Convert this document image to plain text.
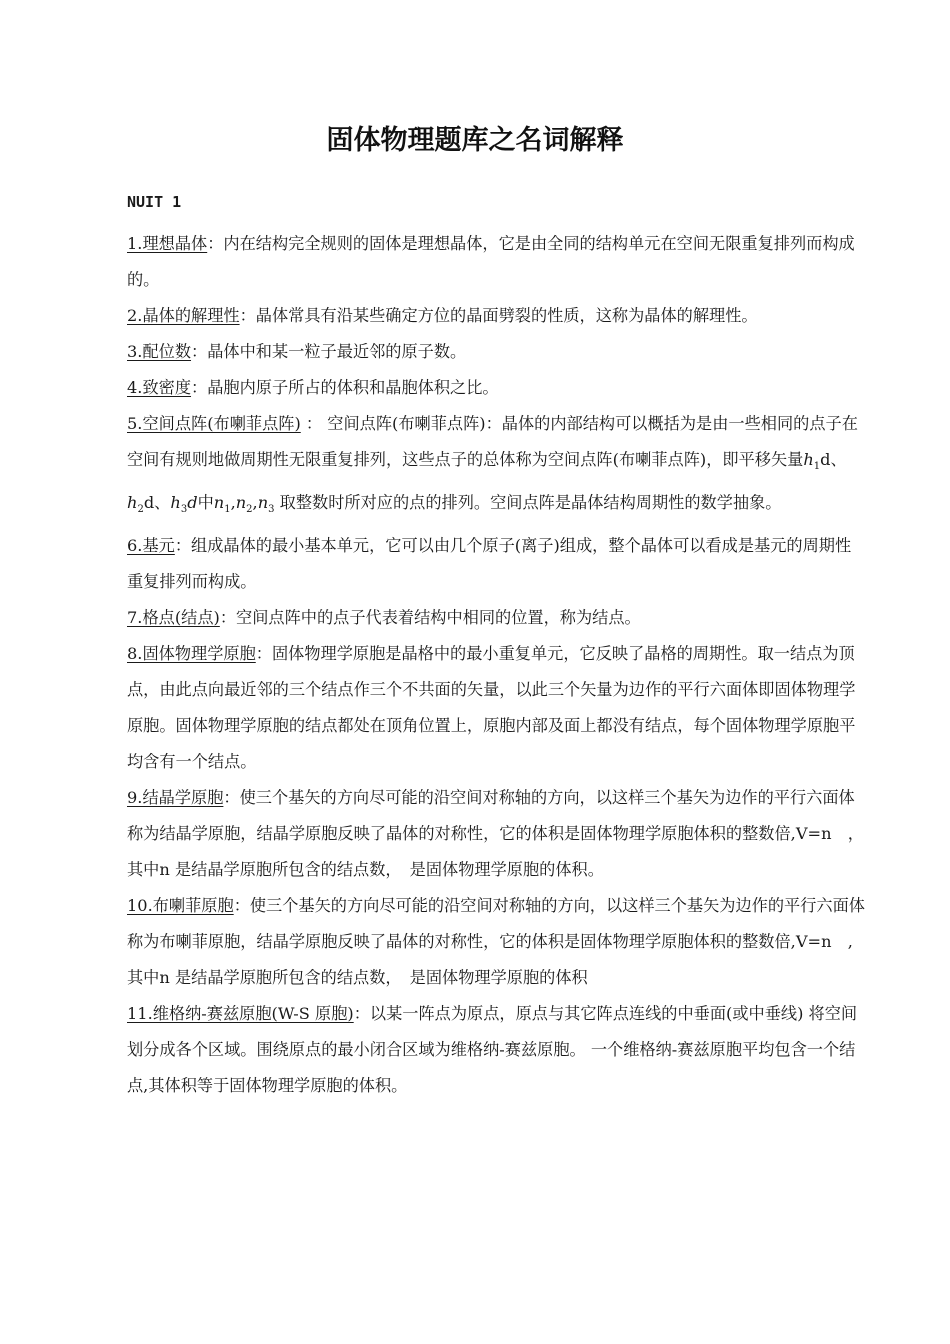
固体物理题库之名词解释
NUIT 1

1.理想晶体：内在结构完全规则的固体是理想晶体，它是由全同的结构单元在空间无限重复排列而构成的。

2.晶体的解理性：晶体常具有沿某些确定方位的晶面劈裂的性质，这称为晶体的解理性。

3.配位数：晶体中和某一粒子最近邻的原子数。

4.致密度：晶胞内原子所占的体积和晶胞体积之比。

5.空间点阵(布喇菲点阵) ： 空间点阵(布喇菲点阵)：晶体的内部结构可以概括为是由一些相同的点子在空间有规则地做周期性无限重复排列，这些点子的总体称为空间点阵(布喇菲点阵)，即平移矢量$h_1d$、$h_2d$、$h_3d$中$n_1,n_2,n_3$ 取整数时所对应的点的排列。空间点阵是晶体结构周期性的数学抽象。

6.基元：组成晶体的最小基本单元，它可以由几个原子(离子)组成，整个晶体可以看成是基元的周期性重复排列而构成。

7.格点(结点)：空间点阵中的点子代表着结构中相同的位置，称为结点。

8.固体物理学原胞：固体物理学原胞是晶格中的最小重复单元，它反映了晶格的周期性。取一结点为顶点，由此点向最近邻的三个结点作三个不共面的矢量，以此三个矢量为边作的平行六面体即固体物理学原胞。固体物理学原胞的结点都处在顶角位置上，原胞内部及面上都没有结点，每个固体物理学原胞平均含有一个结点。

9.结晶学原胞：使三个基矢的方向尽可能的沿空间对称轴的方向，以这样三个基矢为边作的平行六面体称为结晶学原胞，结晶学原胞反映了晶体的对称性，它的体积是固体物理学原胞体积的整数倍,V=n　，其中n 是结晶学原胞所包含的结点数，　是固体物理学原胞的体积。

10.布喇菲原胞：使三个基矢的方向尽可能的沿空间对称轴的方向，以这样三个基矢为边作的平行六面体称为布喇菲原胞，结晶学原胞反映了晶体的对称性，它的体积是固体物理学原胞体积的整数倍,V=n　,其中n 是结晶学原胞所包含的结点数，　是固体物理学原胞的体积

11.维格纳-赛兹原胞(W-S 原胞)：以某一阵点为原点，原点与其它阵点连线的中垂面(或中垂线) 将空间划分成各个区域。围绕原点的最小闭合区域为维格纳-赛兹原胞。 一个维格纳-赛兹原胞平均包含一个结点,其体积等于固体物理学原胞的体积。
